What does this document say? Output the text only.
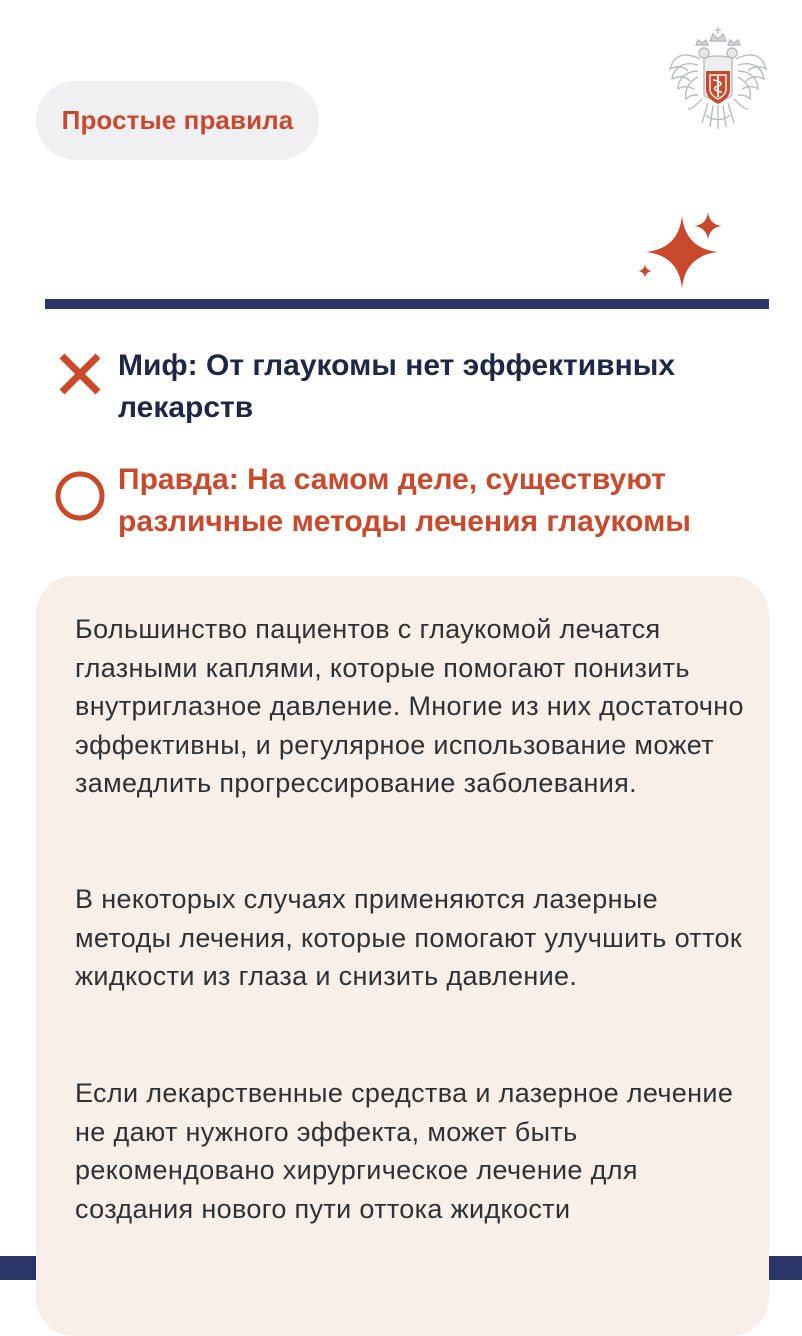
Простые правила
Миф: От глаукомы нет эффективных лекарств
Правда: На самом деле, существуют различные методы лечения глаукомы
Большинство пациентов с глаукомой лечатся глазными каплями, которые помогают понизить внутриглазное давление. Многие из них достаточно эффективны, и регулярное использование может замедлить прогрессирование заболевания.
В некоторых случаях применяются лазерные методы лечения, которые помогают улучшить отток жидкости из глаза и снизить давление.
Если лекарственные средства и лазерное лечение не дают нужного эффекта, может быть рекомендовано хирургическое лечение для создания нового пути оттока жидкости
